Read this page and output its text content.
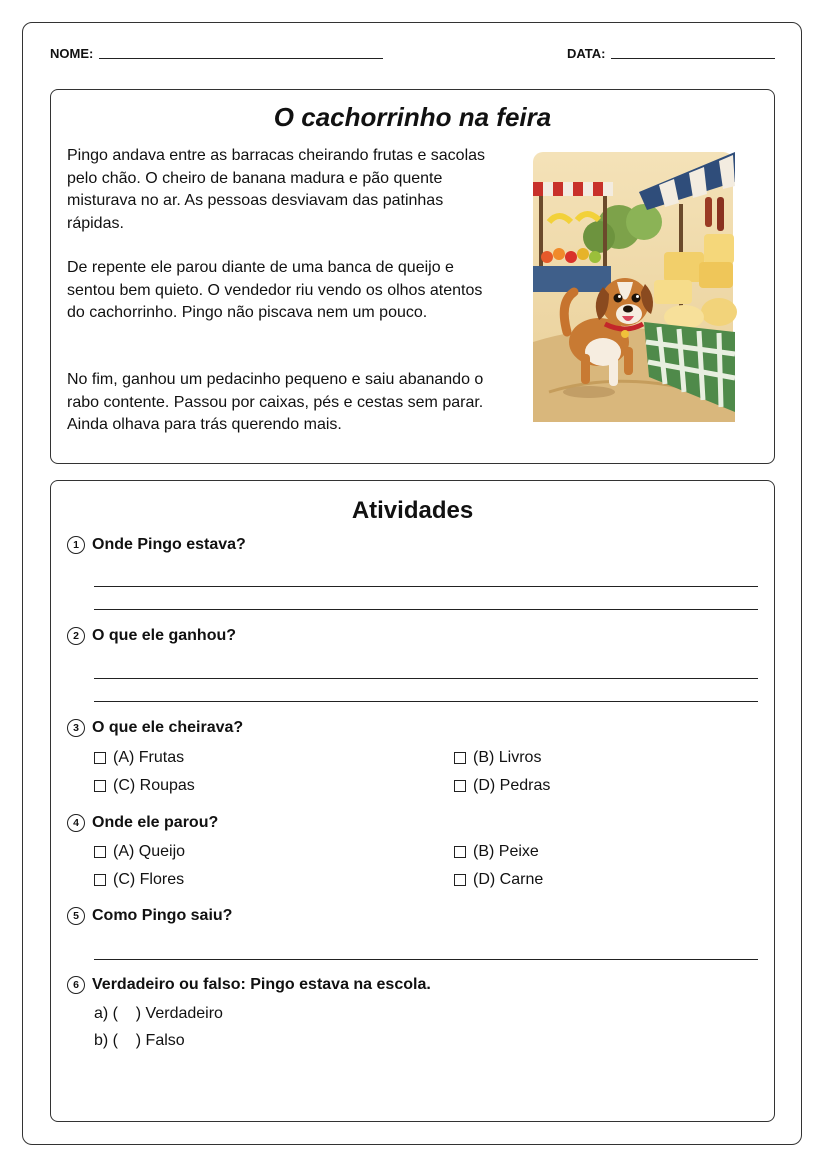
NOME:	DATA:
O cachorrinho na feira

Pingo andava entre as barracas cheirando frutas e sacolas pelo chão. O cheiro de banana madura e pão quente misturava no ar. As pessoas desviavam das patinhas rápidas.

De repente ele parou diante de uma banca de queijo e sentou bem quieto. O vendedor riu vendo os olhos atentos do cachorrinho. Pingo não piscava nem um pouco.

No fim, ganhou um pedacinho pequeno e saiu abanando o rabo contente. Passou por caixas, pés e cestas sem parar. Ainda olhava para trás querendo mais.

Atividades
1 Onde Pingo estava?
2 O que ele ganhou?
3 O que ele cheirava?
(A) Frutas	(B) Livros
(C) Roupas	(D) Pedras
4 Onde ele parou?
(A) Queijo	(B) Peixe
(C) Flores	(D) Carne
5 Como Pingo saiu?
6 Verdadeiro ou falso: Pingo estava na escola.
a) (    ) Verdadeiro
b) (    ) Falso
